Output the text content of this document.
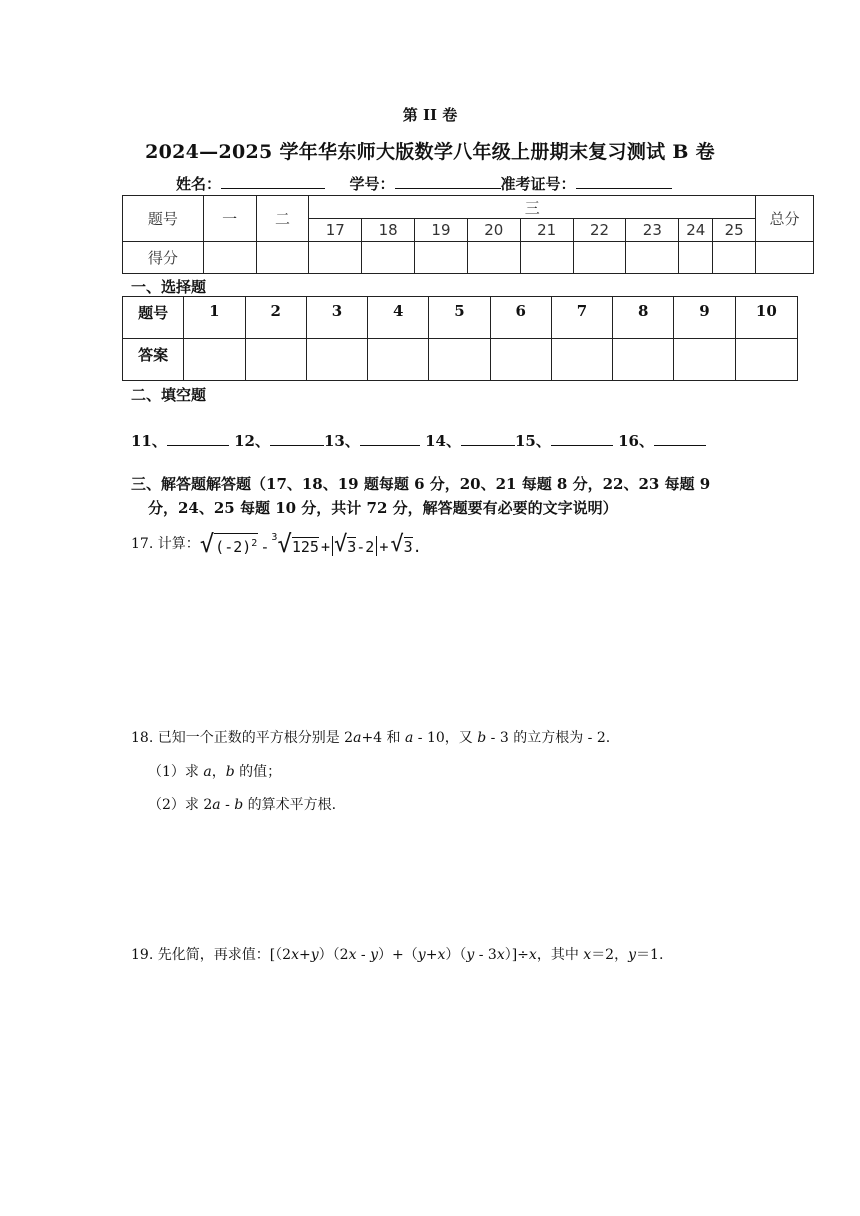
第 II 卷
2024—2025 学年华东师大版数学八年级上册期末复习测试 B 卷
姓名：	学号：	准考证号：
题号	一	二	三									总分
			17	18	19	20	21	22	23	24	25	
得分												
一、选择题
题号	1	2	3	4	5	6	7	8	9	10
答案										
二、填空题
11、	12、	13、	14、	15、	16、
三、解答题解答题（17、18、19 题每题 6 分，20、21 每题 8 分，22、23 每题 9
分，24、25 每题 10 分，共计 72 分，解答题要有必要的文字说明）
17. 计算： √ $(-2)^2$ -
$^3$ √ 125 + √ 3 -2 + √ 3 .
18. 已知一个正数的平方根分别是 2a+4 和 a - 10，又 b - 3 的立方根为 - 2.
（1）求 a，b 的值；
（2）求 2a - b 的算术平方根.
19. 先化简，再求值：[（2x+y）（2x - y）+（y+x）（y - 3x）]÷x，其中 x＝2，y＝1.
